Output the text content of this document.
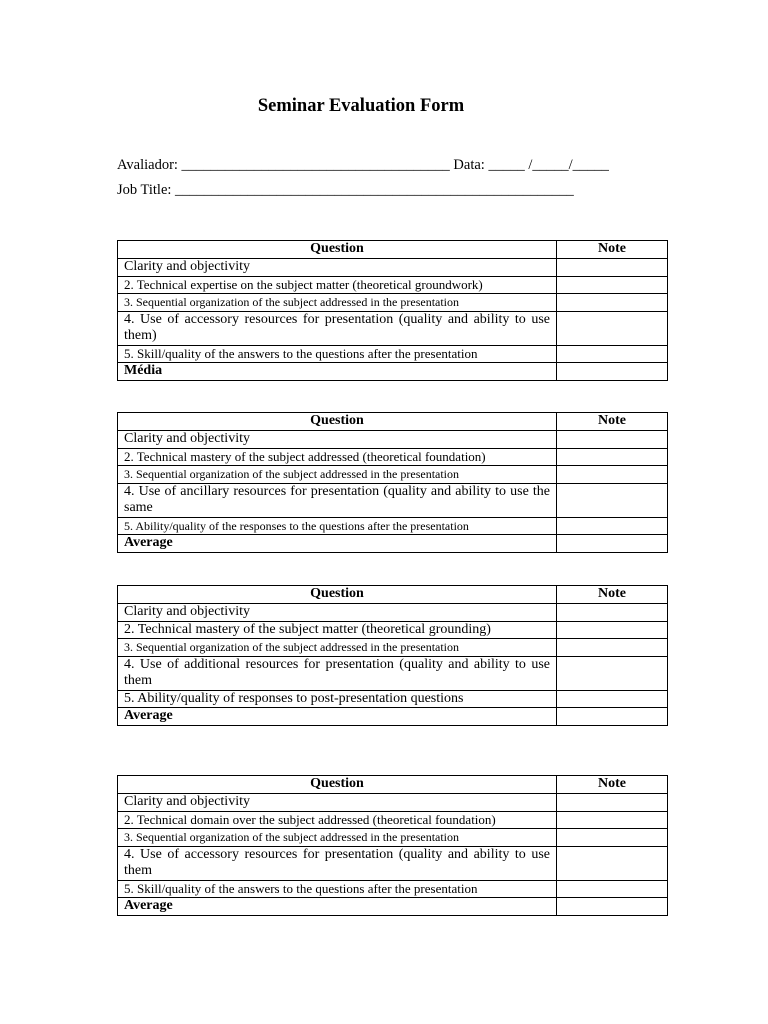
Seminar Evaluation Form
Avaliador: _____________________________________ Data: _____ /_____/_____
Job Title: _______________________________________________________
Question	Note
Clarity and objectivity	
2. Technical expertise on the subject matter (theoretical groundwork)	
3. Sequential organization of the subject addressed in the presentation	
4. Use of accessory resources for presentation (quality and ability to use them)	
5. Skill/quality of the answers to the questions after the presentation	
Média	
Question	Note
Clarity and objectivity	
2. Technical mastery of the subject addressed (theoretical foundation)	
3. Sequential organization of the subject addressed in the presentation	
4. Use of ancillary resources for presentation (quality and ability to use the same	
5. Ability/quality of the responses to the questions after the presentation	
Average	
Question	Note
Clarity and objectivity	
2. Technical mastery of the subject matter (theoretical grounding)	
3. Sequential organization of the subject addressed in the presentation	
4. Use of additional resources for presentation (quality and ability to use them	
5. Ability/quality of responses to post-presentation questions	
Average	
Question	Note
Clarity and objectivity	
2. Technical domain over the subject addressed (theoretical foundation)	
3. Sequential organization of the subject addressed in the presentation	
4. Use of accessory resources for presentation (quality and ability to use them	
5. Skill/quality of the answers to the questions after the presentation	
Average	
